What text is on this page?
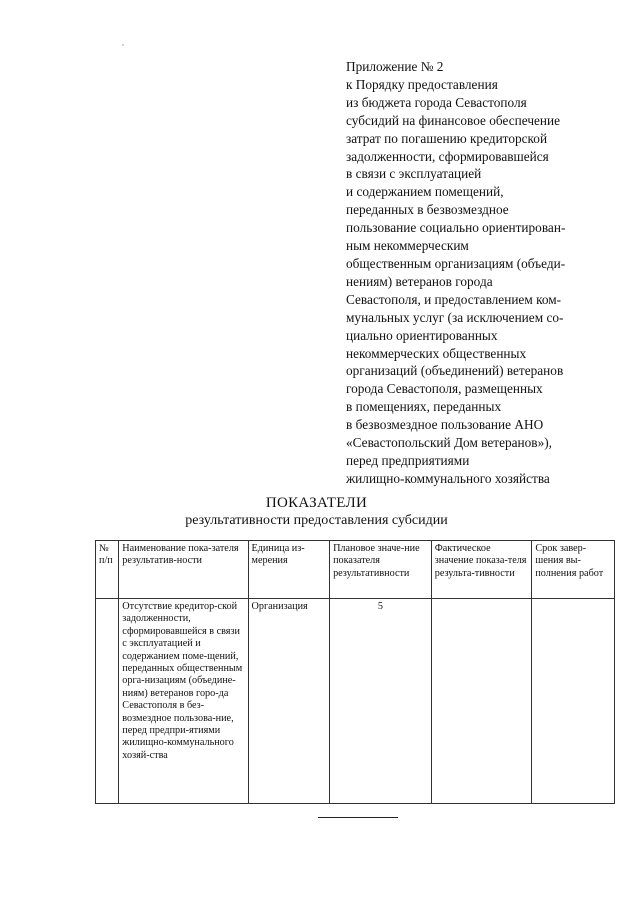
Приложение № 2
к Порядку предоставления
из бюджета города Севастополя
субсидий на финансовое обеспечение
затрат по погашению кредиторской
задолженности, сформировавшейся
в связи с эксплуатацией
и содержанием помещений,
переданных в безвозмездное
пользование социально ориентирован-
ным некоммерческим
общественным организациям (объеди-
нениям) ветеранов города
Севастополя, и предоставлением ком-
мунальных услуг (за исключением со-
циально ориентированных
некоммерческих общественных
организаций (объединений) ветеранов
города Севастополя, размещенных
в помещениях, переданных
в безвозмездное пользование АНО
«Севастопольский Дом ветеранов»),
перед предприятиями
жилищно-коммунального хозяйства
ПОКАЗАТЕЛИ
результативности предоставления субсидии
№ п/п	Наименование пока-зателя результатив-ности	Единица из-мерения	Плановое значе-ние показателя результативности	Фактическое значение показа-теля результа-тивности	Срок завер-шения вы-полнения работ
	Отсутствие кредитор-ской задолженности, сформировавшейся в связи с эксплуатацией и содержанием поме-щений, переданных общественным орга-низациям (объедине-ниям) ветеранов горо-да Севастополя в без-возмездное пользова-ние, перед предпри-ятиями жилищно-коммунального хозяй-ства	Организация	5		
